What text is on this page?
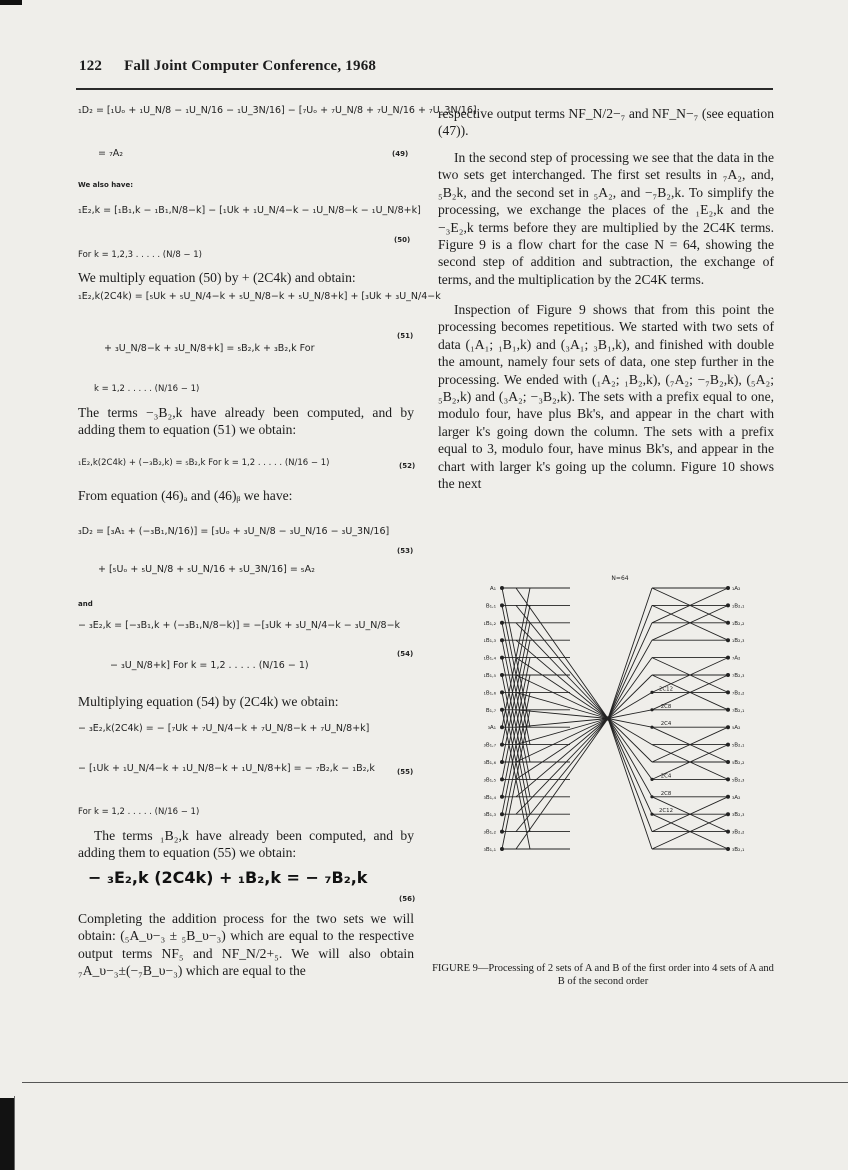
122 Fall Joint Computer Conference, 1968
₁D₂ = [₁Uₒ + ₁U_N/8 − ₁U_N/16 − ₁U_3N/16] − [₇Uₒ + ₇U_N/8 + ₇U_N/16 + ₇U_3N/16]
= ₇A₂	(49)
We also have:
₁E₂,k = [₁B₁,k − ₁B₁,N/8−k] − [₁Uk + ₁U_N/4−k − ₁U_N/8−k − ₁U_N/8+k]
(50)
For k = 1,2,3 . . . . . (N/8 − 1)
We multiply equation (50) by + (2C4k) and obtain:
₁E₂,k(2C4k) = [₅Uk + ₅U_N/4−k + ₅U_N/8−k + ₅U_N/8+k] + [₃Uk + ₃U_N/4−k
(51)
+ ₃U_N/8−k + ₃U_N/8+k] = ₅B₂,k + ₃B₂,k For
k = 1,2 . . . . . (N/16 − 1)
The terms −₃B₂,k have already been computed, and by adding them to equation (51) we obtain:
₁E₂,k(2C4k) + (−₃B₂,k) = ₅B₂,k For k = 1,2 . . . . . (N/16 − 1)	(52)
From equation (46)ₐ and (46)ᵦ we have:
₃D₂ = [₃A₁ + (−₃B₁,N/16)] = [₃Uₒ + ₃U_N/8 − ₃U_N/16 − ₃U_3N/16]
(53)
+ [₅Uₒ + ₅U_N/8 + ₅U_N/16 + ₅U_3N/16] = ₅A₂
and
− ₃E₂,k = [−₃B₁,k + (−₃B₁,N/8−k)] = −[₃Uk + ₃U_N/4−k − ₃U_N/8−k
(54)
− ₃U_N/8+k] For k = 1,2 . . . . . (N/16 − 1)
Multiplying equation (54) by (2C4k) we obtain:
− ₃E₂,k(2C4k) = − [₇Uk + ₇U_N/4−k + ₇U_N/8−k + ₇U_N/8+k]
− [₁Uk + ₁U_N/4−k + ₁U_N/8−k + ₁U_N/8+k] = − ₇B₂,k − ₁B₂,k	(55)
For k = 1,2 . . . . . (N/16 − 1)
The terms ₁B₂,k have already been computed, and by adding them to equation (55) we obtain:
− ₃E₂,k (2C4k) + ₁B₂,k = − ₇B₂,k
(56)
Completing the addition process for the two sets we will obtain: (₅A_υ−₃ ± ₅B_υ−₃) which are equal to the respective output terms NF₅ and NF_N/2+₅. We will also obtain ₇A_υ−₃±(−₇B_υ−₃) which are equal to the
respective output terms NF_N/2−₇ and NF_N−₇ (see equation (47)).
In the second step of processing we see that the data in the two sets get interchanged. The first set results in ₇A₂, and, ₅B₂k, and the second set in ₅A₂, and −₇B₂,k. To simplify the processing, we exchange the places of the ₁E₂,k and the −₃E₂,k terms before they are multiplied by the 2C4K terms. Figure 9 is a flow chart for the case N = 64, showing the second step of addition and subtraction, the exchange of terms, and the multiplication by the 2C4K terms.
Inspection of Figure 9 shows that from this point the processing becomes repetitious. We started with two sets of data (₁A₁; ₁B₁,k) and (₃A₁; ₃B₁,k), and finished with double the amount, namely four sets of data, one step further in the processing. We ended with (₁A₂; ₁B₂,k), (₇A₂; −₇B₂,k), (₅A₂; ₅B₂,k) and (₃A₂; −₃B₂,k). The sets with a prefix equal to one, modulo four, have plus Bk's, and appear in the chart with larger k's going down the column. The sets with a prefix equal to 3, modulo four, have minus Bk's, and appear in the chart with larger k's going up the column. Figure 10 shows the next
N=64
A₁	₁A₂
B₁,₁	₁B₂,₁
₁B₁,₂	₁B₂,₂
₁B₁,₃	₁B₂,₃
₁B₁,₄	₇A₂
₁B₁,₅	₇B₂,₃
₁B₁,₆	₇B₂,₂
B₁,₇	₇B₂,₁
₃A₁	₅A₂
₃B₁,₇	₅B₂,₁
₃B₁,₆	₅B₂,₂
₃B₁,₅	₅B₂,₃
₃B₁,₄	₃A₂
₃B₁,₃	₃B₂,₃
₃B₁,₂	₃B₂,₂
₃B₁,₁	₃B₂,₁
2C12
2C8
2C4
2C4
2C8
2C12
FIGURE 9—Processing of 2 sets of A and B of the first order into 4 sets of A and B of the second order
